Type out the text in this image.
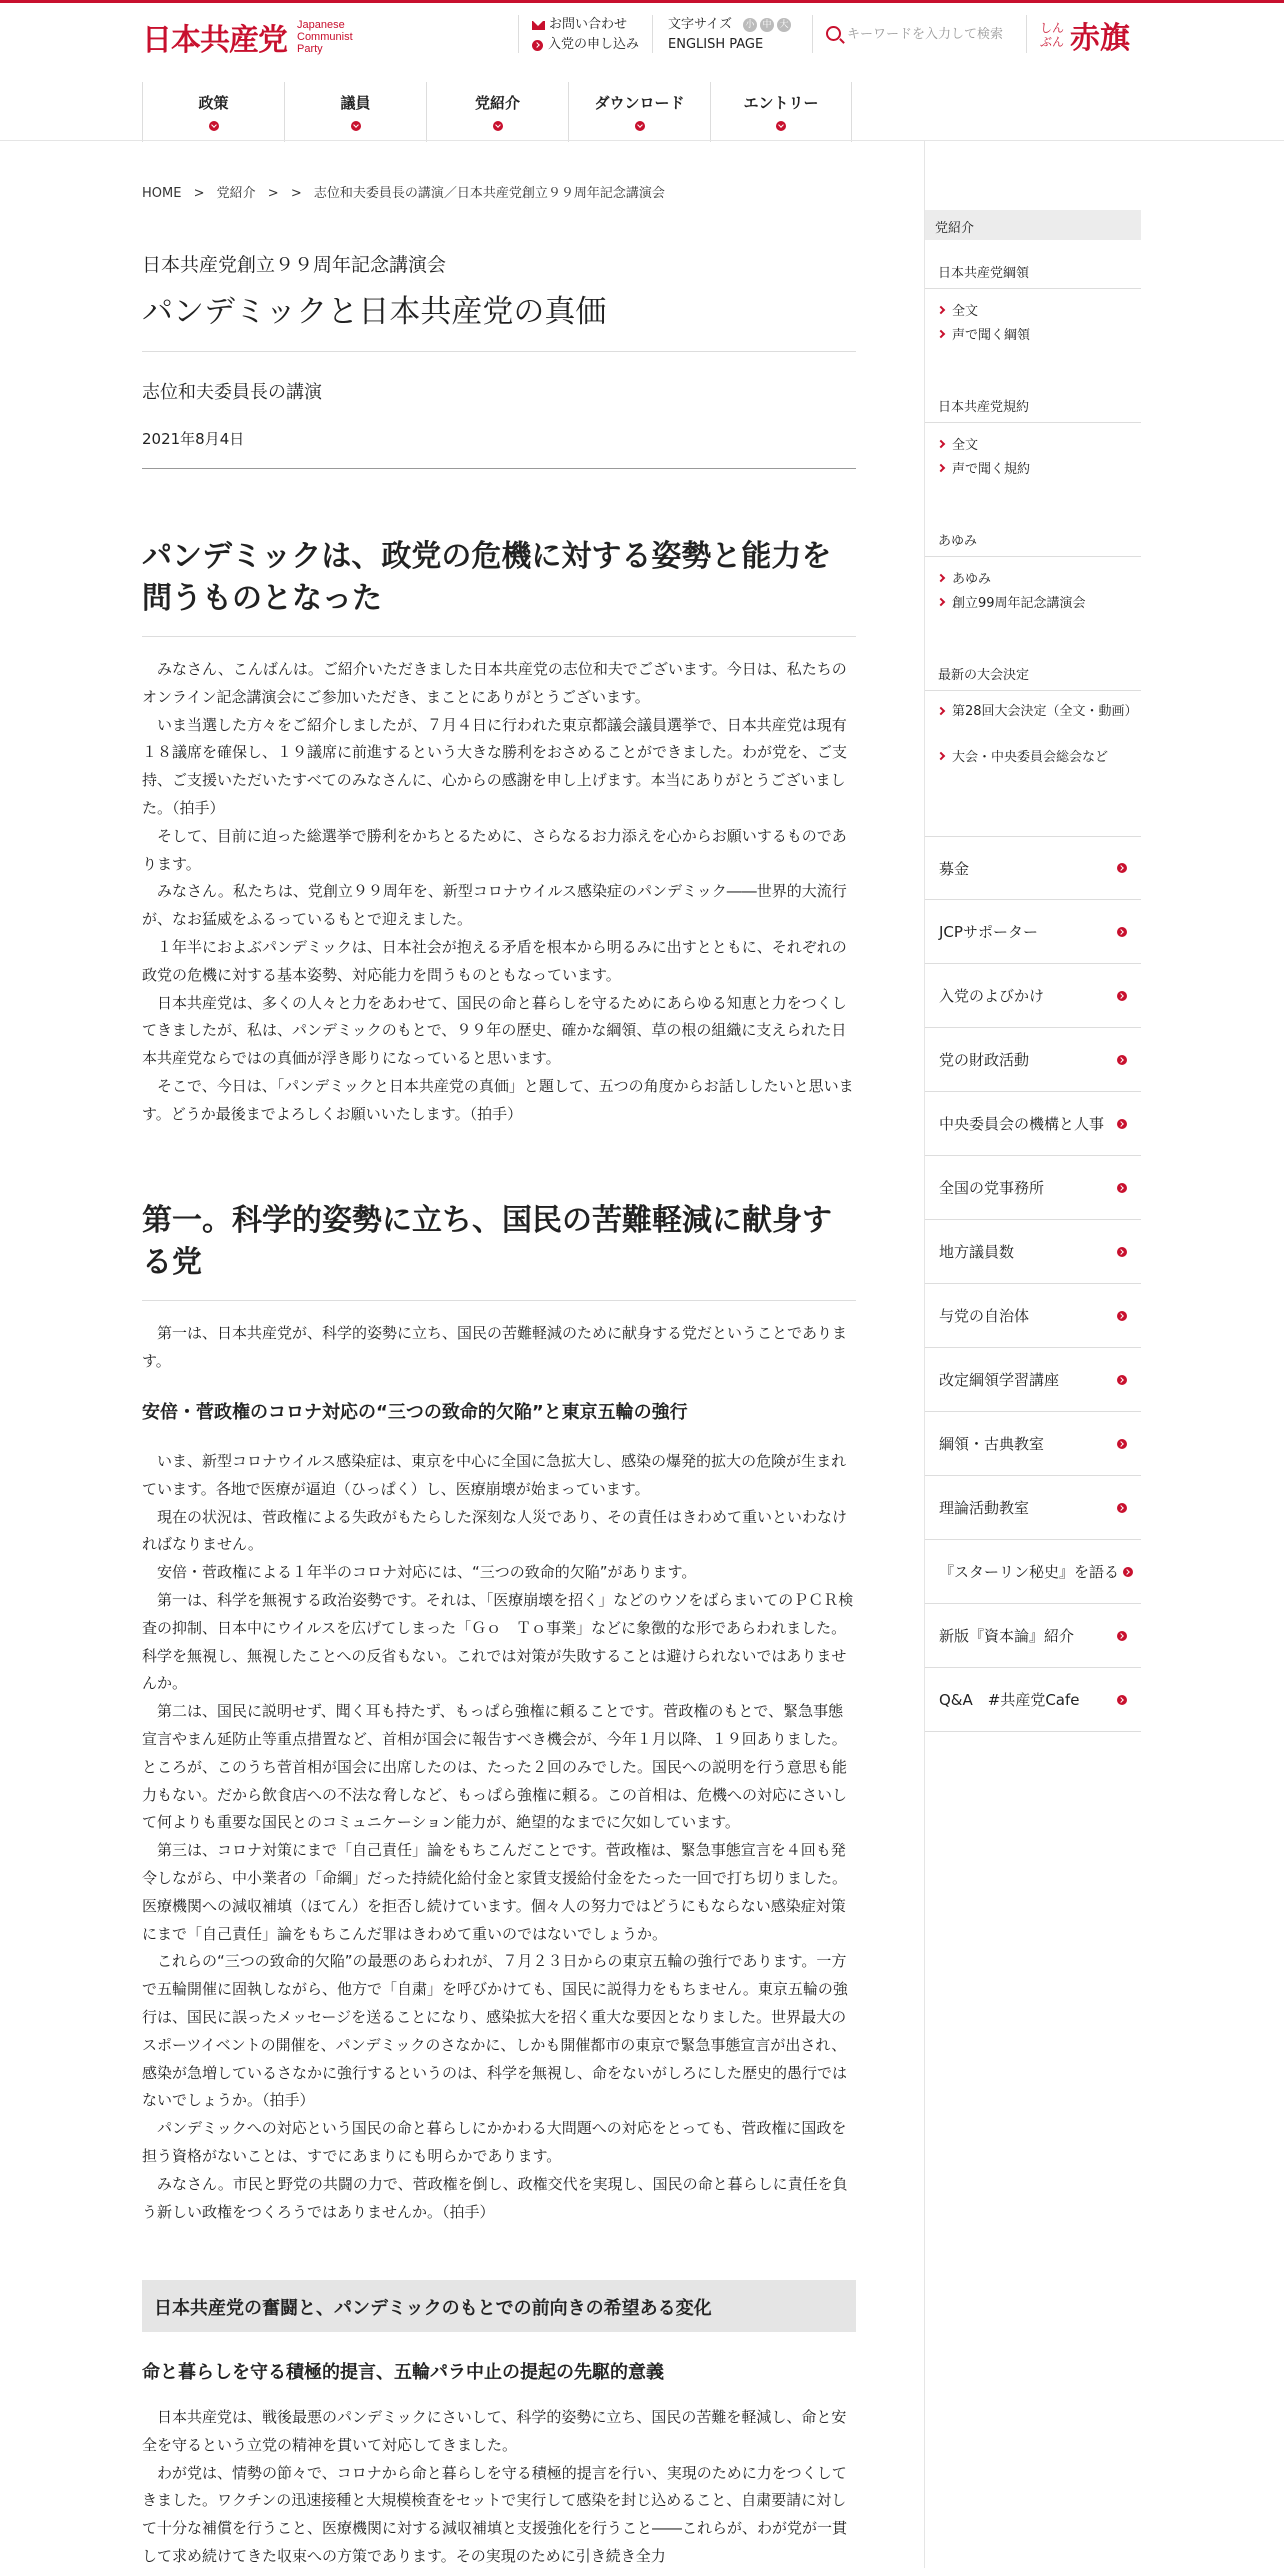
日本共産党 Japanese
Communist
Party
お問い合わせ
入党の申し込み
文字サイズ 小 中 大
ENGLISH PAGE
キーワードを入力して検索
しん
ぶん 赤旗
政策	議員	党紹介	ダウンロード	エントリー
HOME > 党紹介 > > 志位和夫委員長の講演／日本共産党創立９９周年記念講演会
日本共産党創立９９周年記念講演会
パンデミックと日本共産党の真価
志位和夫委員長の講演
2021年8月4日
パンデミックは、政党の危機に対する姿勢と能力を問うものとなった

みなさん、こんばんは。ご紹介いただきました日本共産党の志位和夫でございます。今日は、私たちのオンライン記念講演会にご参加いただき、まことにありがとうございます。

いま当選した方々をご紹介しましたが、７月４日に行われた東京都議会議員選挙で、日本共産党は現有１８議席を確保し、１９議席に前進するという大きな勝利をおさめることができました。わが党を、ご支持、ご支援いただいたすべてのみなさんに、心からの感謝を申し上げます。本当にありがとうございました。（拍手）

そして、目前に迫った総選挙で勝利をかちとるために、さらなるお力添えを心からお願いするものであります。

みなさん。私たちは、党創立９９周年を、新型コロナウイルス感染症のパンデミック――世界的大流行が、なお猛威をふるっているもとで迎えました。

１年半におよぶパンデミックは、日本社会が抱える矛盾を根本から明るみに出すとともに、それぞれの政党の危機に対する基本姿勢、対応能力を問うものともなっています。

日本共産党は、多くの人々と力をあわせて、国民の命と暮らしを守るためにあらゆる知恵と力をつくしてきましたが、私は、パンデミックのもとで、９９年の歴史、確かな綱領、草の根の組織に支えられた日本共産党ならではの真価が浮き彫りになっていると思います。

そこで、今日は、「パンデミックと日本共産党の真価」と題して、五つの角度からお話ししたいと思います。どうか最後までよろしくお願いいたします。（拍手）

第一。科学的姿勢に立ち、国民の苦難軽減に献身する党

第一は、日本共産党が、科学的姿勢に立ち、国民の苦難軽減のために献身する党だということであります。

安倍・菅政権のコロナ対応の“三つの致命的欠陥”と東京五輪の強行

いま、新型コロナウイルス感染症は、東京を中心に全国に急拡大し、感染の爆発的拡大の危険が生まれています。各地で医療が逼迫（ひっぱく）し、医療崩壊が始まっています。

現在の状況は、菅政権による失政がもたらした深刻な人災であり、その責任はきわめて重いといわなければなりません。

安倍・菅政権による１年半のコロナ対応には、“三つの致命的欠陥”があります。

第一は、科学を無視する政治姿勢です。それは、「医療崩壊を招く」などのウソをばらまいてのＰＣＲ検査の抑制、日本中にウイルスを広げてしまった「Ｇｏ　Ｔｏ事業」などに象徴的な形であらわれました。科学を無視し、無視したことへの反省もない。これでは対策が失敗することは避けられないではありませんか。

第二は、国民に説明せず、聞く耳も持たず、もっぱら強権に頼ることです。菅政権のもとで、緊急事態宣言やまん延防止等重点措置など、首相が国会に報告すべき機会が、今年１月以降、１９回ありました。ところが、このうち菅首相が国会に出席したのは、たった２回のみでした。国民への説明を行う意思も能力もない。だから飲食店への不法な脅しなど、もっぱら強権に頼る。この首相は、危機への対応にさいして何よりも重要な国民とのコミュニケーション能力が、絶望的なまでに欠如しています。

第三は、コロナ対策にまで「自己責任」論をもちこんだことです。菅政権は、緊急事態宣言を４回も発令しながら、中小業者の「命綱」だった持続化給付金と家賃支援給付金をたった一回で打ち切りました。医療機関への減収補填（ほてん）を拒否し続けています。個々人の努力ではどうにもならない感染症対策にまで「自己責任」論をもちこんだ罪はきわめて重いのではないでしょうか。

これらの“三つの致命的欠陥”の最悪のあらわれが、７月２３日からの東京五輪の強行であります。一方で五輪開催に固執しながら、他方で「自粛」を呼びかけても、国民に説得力をもちません。東京五輪の強行は、国民に誤ったメッセージを送ることになり、感染拡大を招く重大な要因となりました。世界最大のスポーツイベントの開催を、パンデミックのさなかに、しかも開催都市の東京で緊急事態宣言が出され、感染が急増しているさなかに強行するというのは、科学を無視し、命をないがしろにした歴史的愚行ではないでしょうか。（拍手）

パンデミックへの対応という国民の命と暮らしにかかわる大問題への対応をとっても、菅政権に国政を担う資格がないことは、すでにあまりにも明らかであります。

みなさん。市民と野党の共闘の力で、菅政権を倒し、政権交代を実現し、国民の命と暮らしに責任を負う新しい政権をつくろうではありませんか。（拍手）

日本共産党の奮闘と、パンデミックのもとでの前向きの希望ある変化
命と暮らしを守る積極的提言、五輪パラ中止の提起の先駆的意義

日本共産党は、戦後最悪のパンデミックにさいして、科学的姿勢に立ち、国民の苦難を軽減し、命と安全を守るという立党の精神を貫いて対応してきました。

わが党は、情勢の節々で、コロナから命と暮らしを守る積極的提言を行い、実現のために力をつくしてきました。ワクチンの迅速接種と大規模検査をセットで実行して感染を封じ込めること、自粛要請に対して十分な補償を行うこと、医療機関に対する減収補填と支援強化を行うこと――これらが、わが党が一貫して求め続けてきた収束への方策であります。その実現のために引き続き全力

党紹介
日本共産党綱領
全文
声で聞く綱領
日本共産党規約
全文
声で聞く規約
あゆみ
あゆみ
創立99周年記念講演会
最新の大会決定
第28回大会決定（全文・動画）
大会・中央委員会総会など
募金
JCPサポーター
入党のよびかけ
党の財政活動
中央委員会の機構と人事
全国の党事務所
地方議員数
与党の自治体
改定綱領学習講座
綱領・古典教室
理論活動教室
『スターリン秘史』を語る
新版『資本論』紹介
Q&A　#共産党Cafe
